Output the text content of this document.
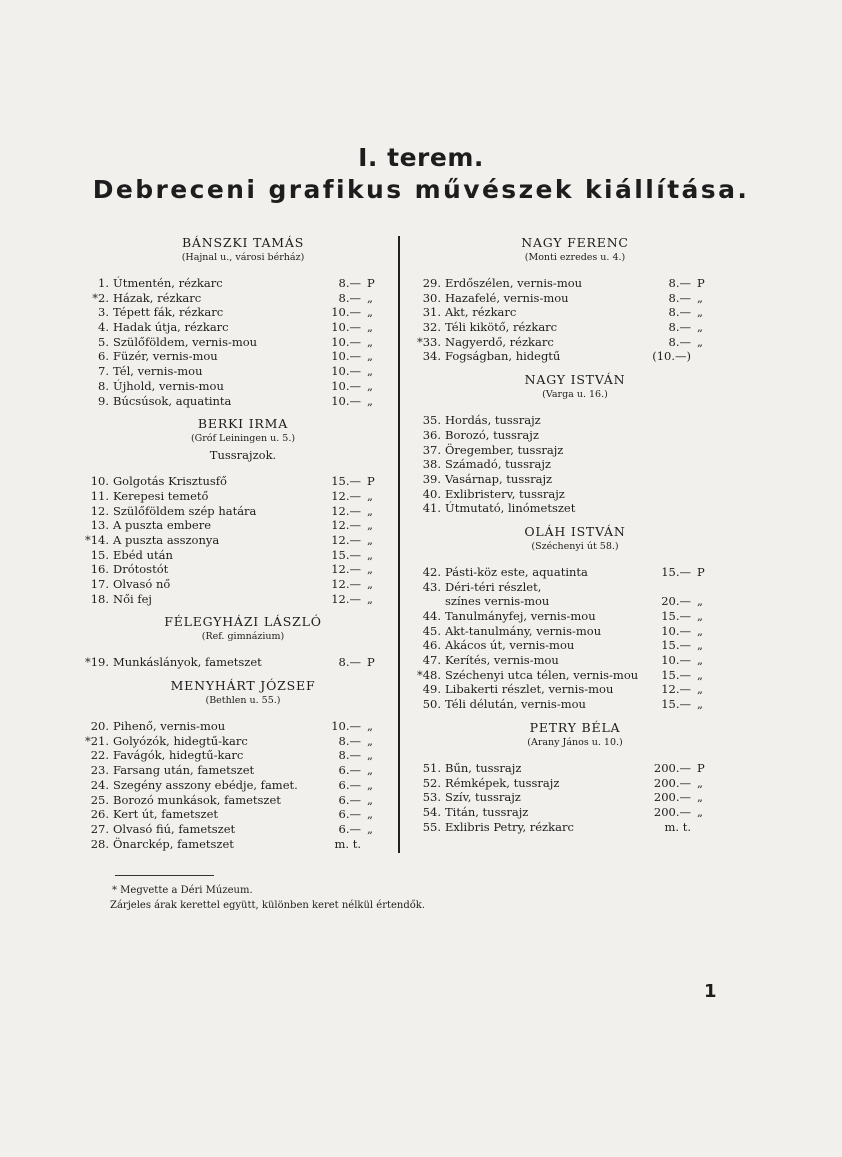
I. terem.
Debreceni grafikus művészek kiállítása.
BÁNSZKI TAMÁS
(Hajnal u., városi bérház)
1. Útmentén, rézkarc	8.— P
*2. Házak, rézkarc	8.— „
3. Tépett fák, rézkarc	10.— „
4. Hadak útja, rézkarc	10.— „
5. Szülőföldem, vernis-mou	10.— „
6. Füzér, vernis-mou	10.— „
7. Tél, vernis-mou	10.— „
8. Újhold, vernis-mou	10.— „
9. Búcsúsok, aquatinta	10.— „
BERKI IRMA
(Gróf Leiningen u. 5.)
Tussrajzok.
10. Golgotás Krisztusfő	15.— P
11. Kerepesi temető	12.— „
12. Szülőföldem szép határa	12.— „
13. A puszta embere	12.— „
*14. A puszta asszonya	12.— „
15. Ebéd után	15.— „
16. Drótostót	12.— „
17. Olvasó nő	12.— „
18. Női fej	12.— „
FÉLEGYHÁZI LÁSZLÓ
(Ref. gimnázium)
*19. Munkáslányok, fametszet	8.— P
MENYHÁRT JÓZSEF
(Bethlen u. 55.)
20. Pihenő, vernis-mou	10.— „
*21. Golyózók, hidegtű-karc	8.— „
22. Favágók, hidegtű-karc	8.— „
23. Farsang után, fametszet	6.— „
24. Szegény asszony ebédje, famet.	6.— „
25. Borozó munkások, fametszet	6.— „
26. Kert út, fametszet	6.— „
27. Olvasó fiú, fametszet	6.— „
28. Önarckép, fametszet	m. t.
NAGY FERENC
(Monti ezredes u. 4.)
29. Erdőszélen, vernis-mou	8.— P
30. Hazafelé, vernis-mou	8.— „
31. Akt, rézkarc	8.— „
32. Téli kikötő, rézkarc	8.— „
*33. Nagyerdő, rézkarc	8.— „
34. Fogságban, hidegtű	(10.—)
NAGY ISTVÁN
(Varga u. 16.)
35. Hordás, tussrajz
36. Borozó, tussrajz
37. Öregember, tussrajz
38. Számadó, tussrajz
39. Vasárnap, tussrajz
40. Exlibristerv, tussrajz
41. Útmutató, linómetszet
OLÁH ISTVÁN
(Széchenyi út 58.)
42. Pásti-köz este, aquatinta	15.— P
43. Déri-téri részlet,
színes vernis-mou	20.— „
44. Tanulmányfej, vernis-mou	15.— „
45. Akt-tanulmány, vernis-mou	10.— „
46. Akácos út, vernis-mou	15.— „
47. Kerítés, vernis-mou	10.— „
*48. Széchenyi utca télen, vernis-mou	15.— „
49. Libakerti részlet, vernis-mou	12.— „
50. Téli délután, vernis-mou	15.— „
PETRY BÉLA
(Arany János u. 10.)
51. Bűn, tussrajz	200.— P
52. Rémképek, tussrajz	200.— „
53. Szív, tussrajz	200.— „
54. Titán, tussrajz	200.— „
55. Exlibris Petry, rézkarc	m. t.
* Megvette a Déri Múzeum.
Zárjeles árak kerettel együtt, különben keret nélkül értendők.
1
